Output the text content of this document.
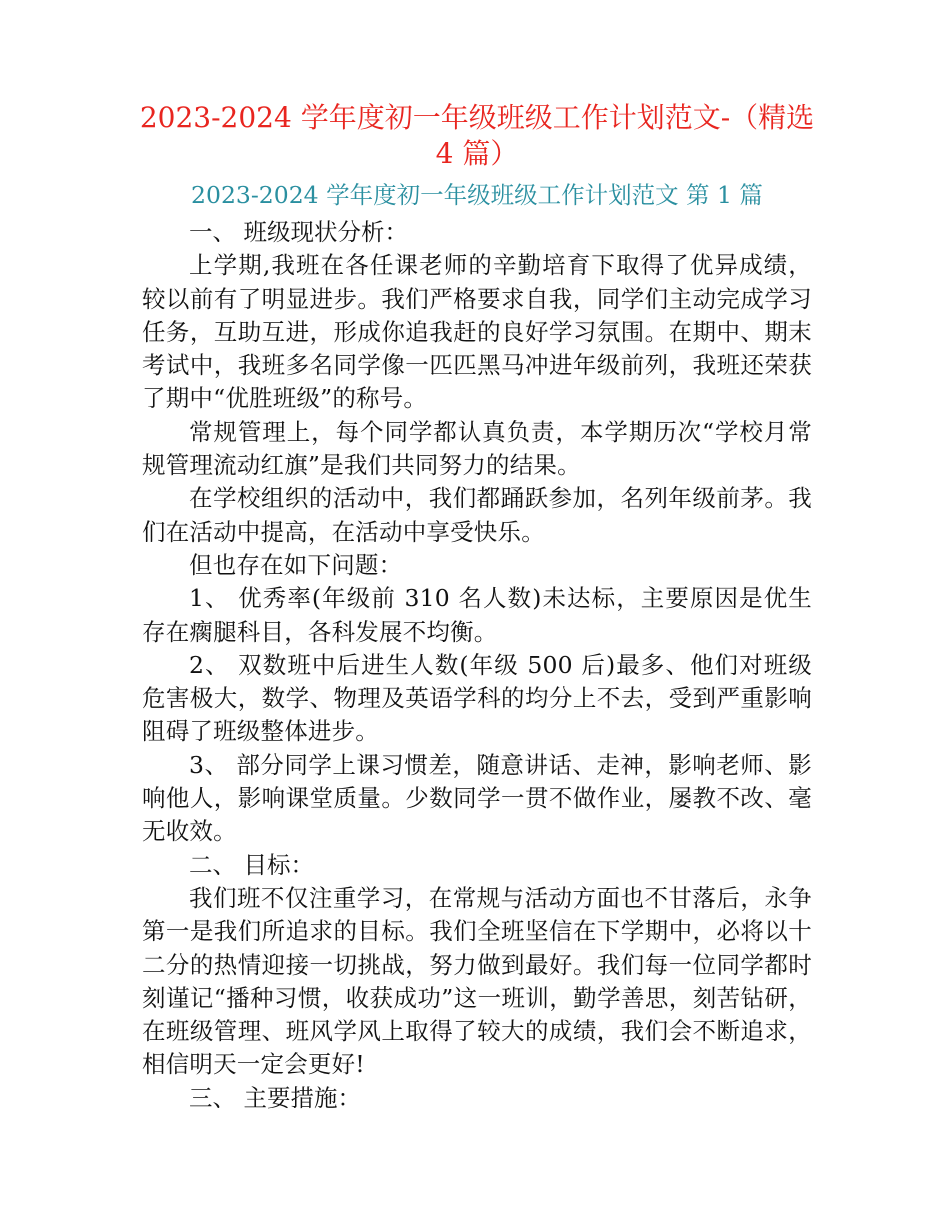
2023-2024 学年度初一年级班级工作计划范文-（精选 4 篇）
2023-2024 学年度初一年级班级工作计划范文 第 1 篇

一、 班级现状分析：

上学期,我班在各任课老师的辛勤培育下取得了优异成绩，较以前有了明显进步。我们严格要求自我，同学们主动完成学习任务，互助互进，形成你追我赶的良好学习氛围。在期中、期末考试中，我班多名同学像一匹匹黑马冲进年级前列，我班还荣获了期中“优胜班级”的称号。

常规管理上，每个同学都认真负责，本学期历次“学校月常规管理流动红旗”是我们共同努力的结果。

在学校组织的活动中，我们都踊跃参加，名列年级前茅。我们在活动中提高，在活动中享受快乐。

但也存在如下问题：

1、 优秀率(年级前 310 名人数)未达标，主要原因是优生存在瘸腿科目，各科发展不均衡。

2、 双数班中后进生人数(年级 500 后)最多、他们对班级危害极大，数学、物理及英语学科的均分上不去，受到严重影响阻碍了班级整体进步。

3、 部分同学上课习惯差，随意讲话、走神，影响老师、影响他人，影响课堂质量。少数同学一贯不做作业，屡教不改、毫无收效。

二、 目标：

我们班不仅注重学习，在常规与活动方面也不甘落后，永争第一是我们所追求的目标。我们全班坚信在下学期中，必将以十二分的热情迎接一切挑战，努力做到最好。我们每一位同学都时刻谨记“播种习惯，收获成功”这一班训，勤学善思，刻苦钻研，在班级管理、班风学风上取得了较大的成绩，我们会不断追求，相信明天一定会更好!

三、 主要措施：
